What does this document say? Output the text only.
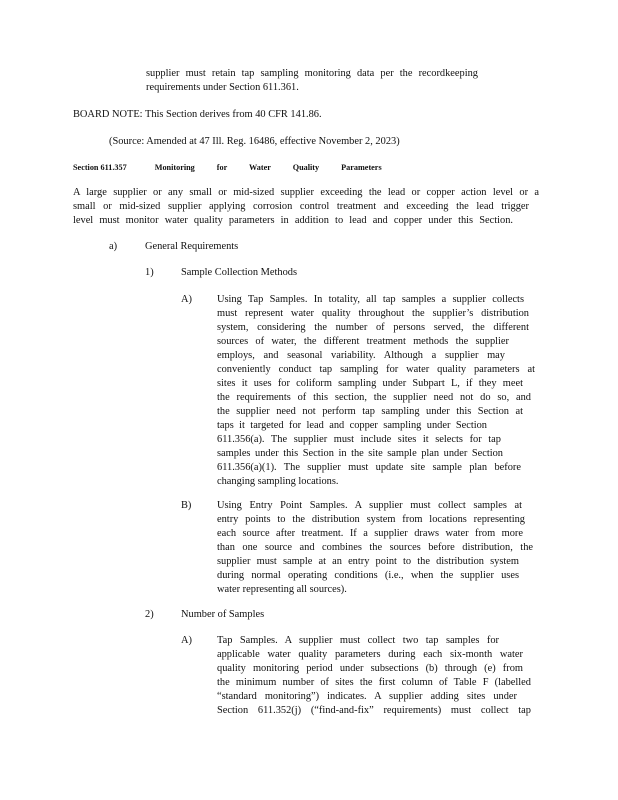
supplier must retain tap sampling monitoring data per the recordkeeping
requirements under Section 611.361.
BOARD NOTE: This Section derives from 40 CFR 141.86.
(Source: Amended at 47 Ill. Reg. 16486, effective November 2, 2023)
Section 611.357	Monitoring for Water Quality Parameters
A large supplier or any small or mid-sized supplier exceeding the lead or copper action level or a
small or mid-sized supplier applying corrosion control treatment and exceeding the lead trigger
level must monitor water quality parameters in addition to lead and copper under this Section.
a)	General Requirements
1)	Sample Collection Methods
A) Using Tap Samples. In totality, all tap samples a supplier collects
must represent water quality throughout the supplier’s distribution
system, considering the number of persons served, the different
sources of water, the different treatment methods the supplier
employs, and seasonal variability. Although a supplier may
conveniently conduct tap sampling for water quality parameters at
sites it uses for coliform sampling under Subpart L, if they meet
the requirements of this section, the supplier need not do so, and
the supplier need not perform tap sampling under this Section at
taps it targeted for lead and copper sampling under Section
611.356(a). The supplier must include sites it selects for tap
samples under this Section in the site sample plan under Section
611.356(a)(1). The supplier must update site sample plan before
changing sampling locations.
B) Using Entry Point Samples. A supplier must collect samples at
entry points to the distribution system from locations representing
each source after treatment. If a supplier draws water from more
than one source and combines the sources before distribution, the
supplier must sample at an entry point to the distribution system
during normal operating conditions (i.e., when the supplier uses
water representing all sources).
2)	Number of Samples
A) Tap Samples. A supplier must collect two tap samples for
applicable water quality parameters during each six-month water
quality monitoring period under subsections (b) through (e) from
the minimum number of sites the first column of Table F (labelled
“standard monitoring”) indicates. A supplier adding sites under
Section 611.352(j) (“find-and-fix” requirements) must collect tap
